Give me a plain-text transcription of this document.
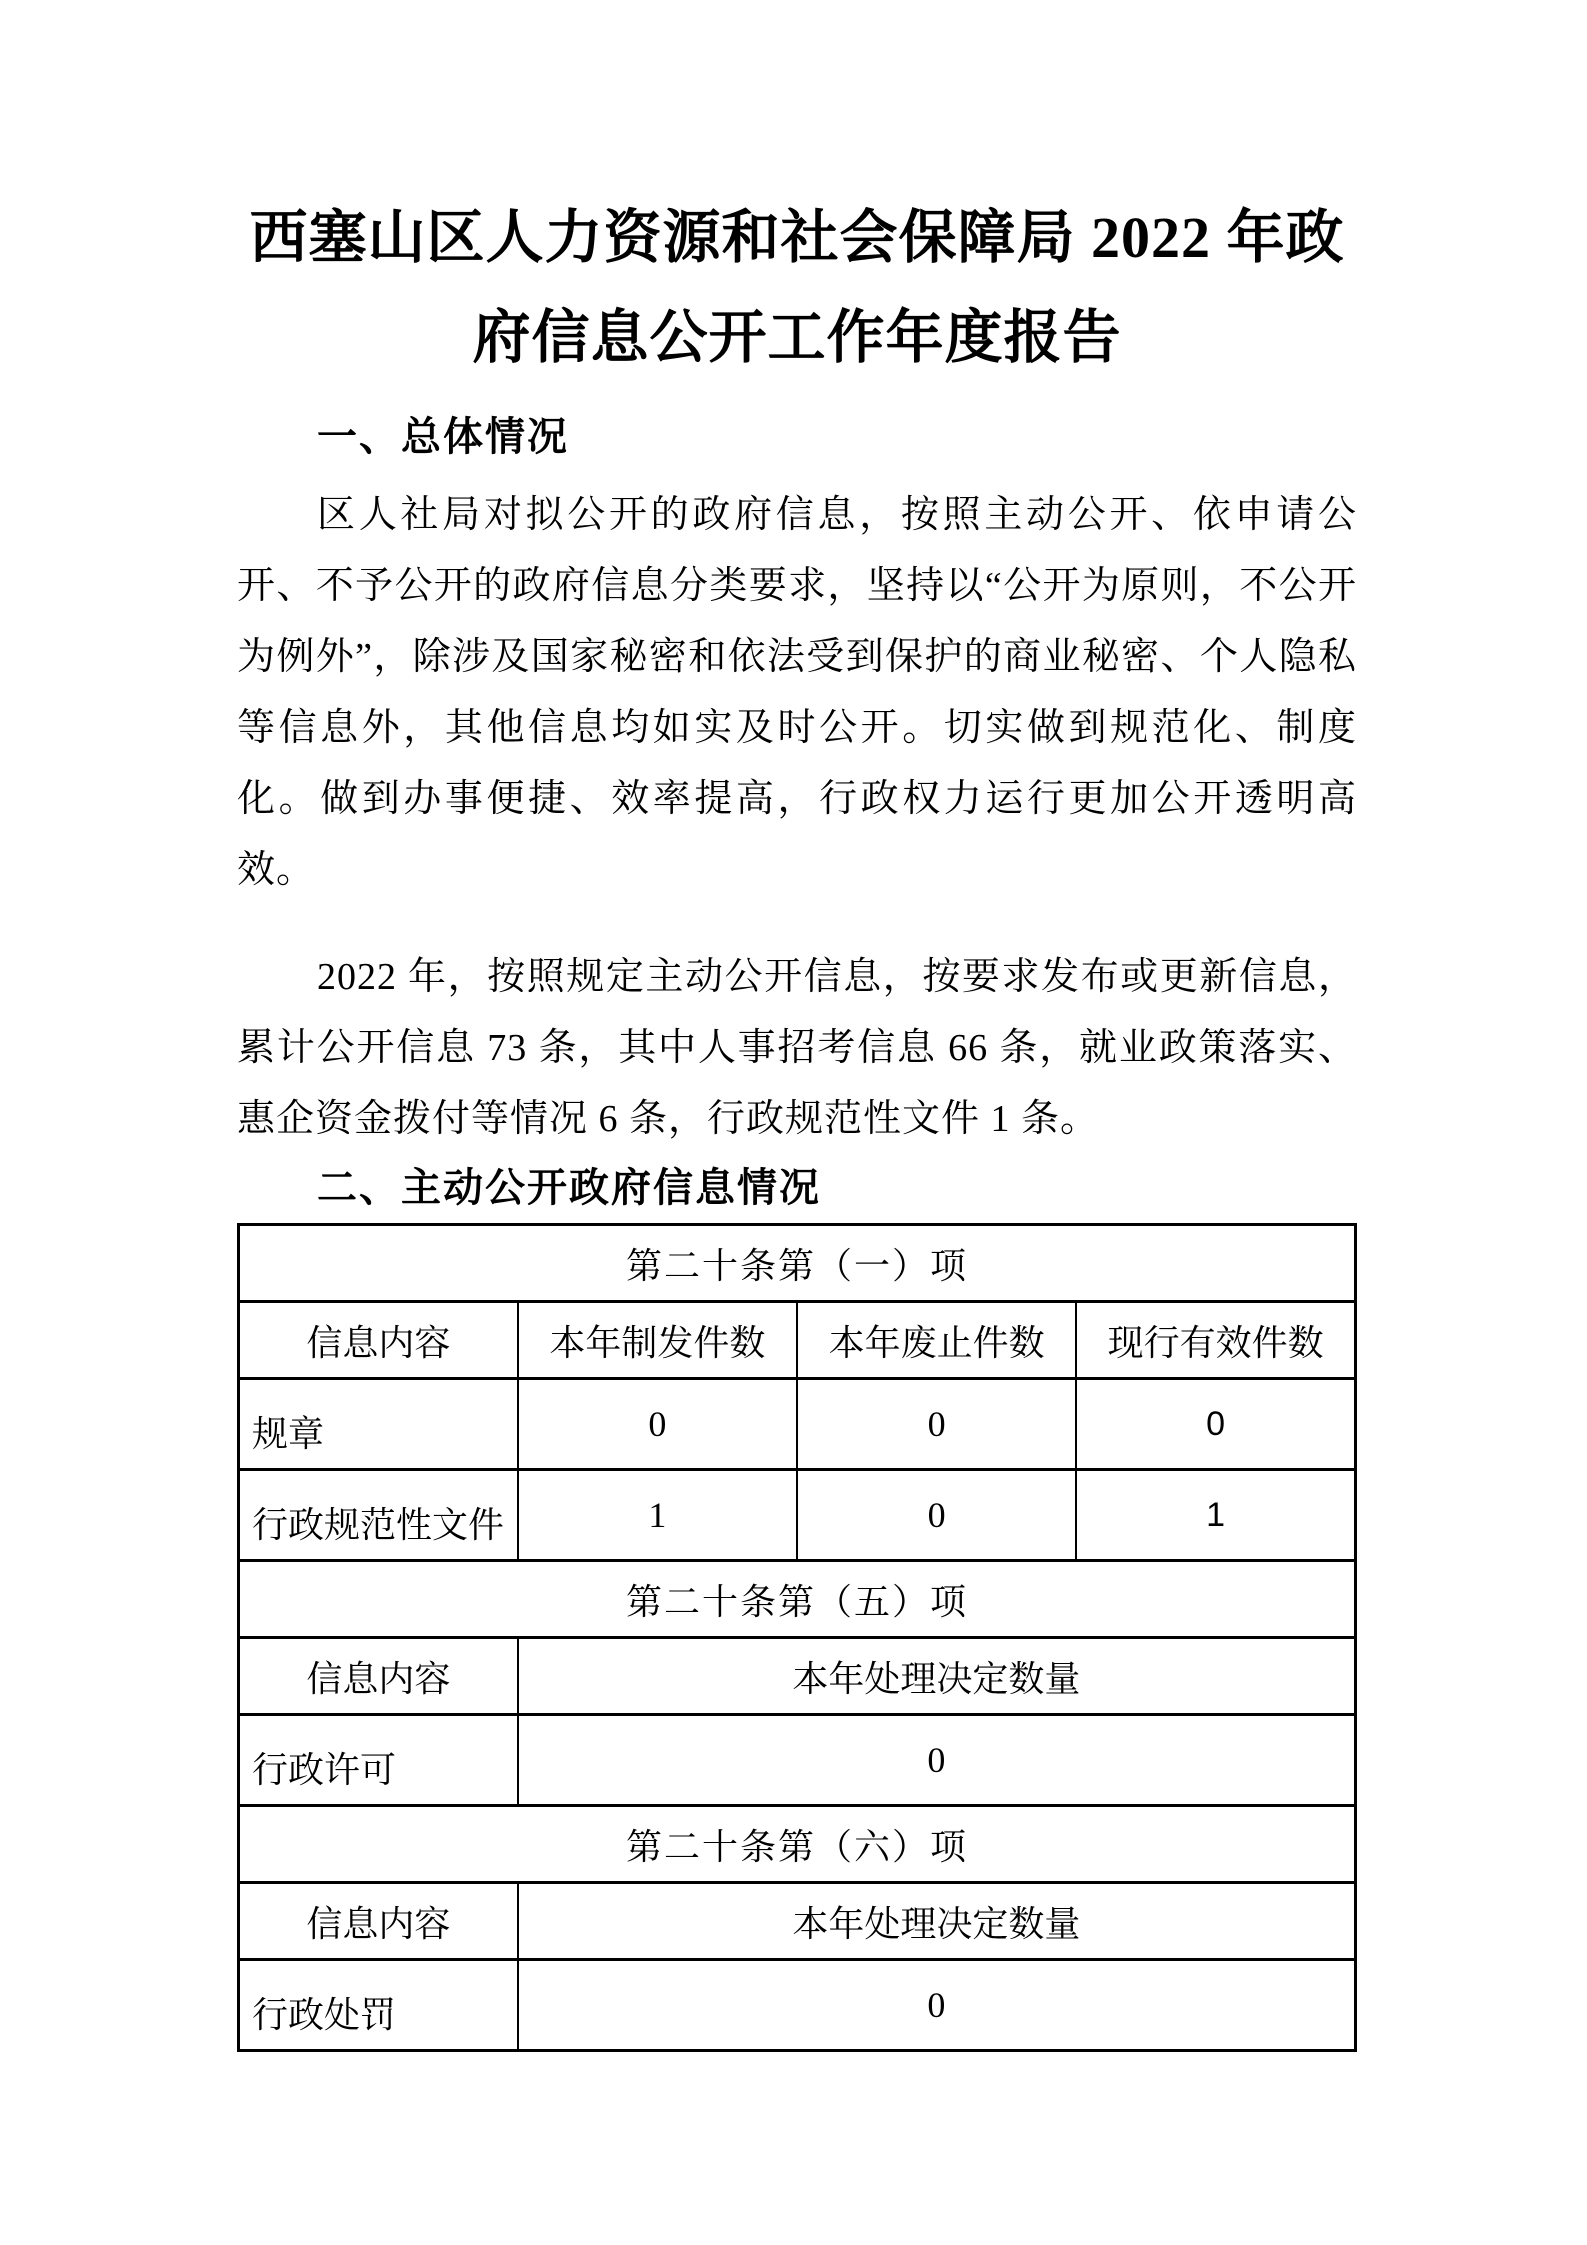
西塞山区人力资源和社会保障局 2022 年政
府信息公开工作年度报告
一、总体情况

区人社局对拟公开的政府信息，按照主动公开、依申请公开、不予公开的政府信息分类要求，坚持以“公开为原则，不公开为例外”，除涉及国家秘密和依法受到保护的商业秘密、个人隐私等信息外，其他信息均如实及时公开。切实做到规范化、制度化。做到办事便捷、效率提高，行政权力运行更加公开透明高效。

2022 年，按照规定主动公开信息，按要求发布或更新信息，累计公开信息 73 条，其中人事招考信息 66 条，就业政策落实、惠企资金拨付等情况 6 条，行政规范性文件 1 条。

二、主动公开政府信息情况
第二十条第（一）项			
信息内容	本年制发件数	本年废止件数	现行有效件数
规章	0	0	0
行政规范性文件	1	0	1
第二十条第（五）项			
信息内容	本年处理决定数量		
行政许可	0		
第二十条第（六）项			
信息内容	本年处理决定数量		
行政处罚	0		
